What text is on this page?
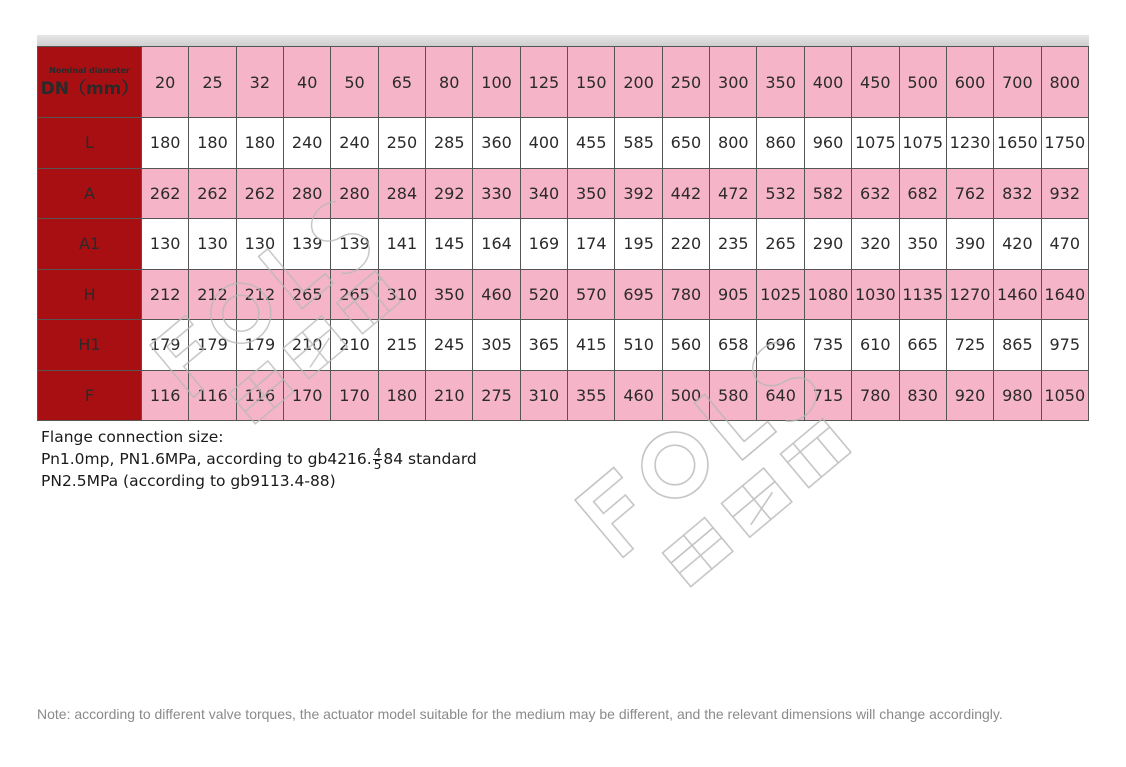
Nominal diameter
DN（mm）	20	25	32	40	50	65	80	100	125	150	200	250	300	350	400	450	500	600	700	800
L	180	180	180	240	240	250	285	360	400	455	585	650	800	860	960	1075	1075	1230	1650	1750
A	262	262	262	280	280	284	292	330	340	350	392	442	472	532	582	632	682	762	832	932
A1	130	130	130	139	139	141	145	164	169	174	195	220	235	265	290	320	350	390	420	470
H	212	212	212	265	265	310	350	460	520	570	695	780	905	1025	1080	1030	1135	1270	1460	1640
H1	179	179	179	210	210	215	245	305	365	415	510	560	658	696	735	610	665	725	865	975
F	116	116	116	170	170	180	210	275	310	355	460	500	580	640	715	780	830	920	980	1050
Flange connection size:
Pn1.0mp, PN1.6MPa, according to gb4216. $\frac{4}{5} 84$ standard
PN2.5MPa (according to gb9113.4-88)
Note: according to different valve torques, the actuator model suitable for the medium may be different, and the relevant dimensions will change accordingly.
